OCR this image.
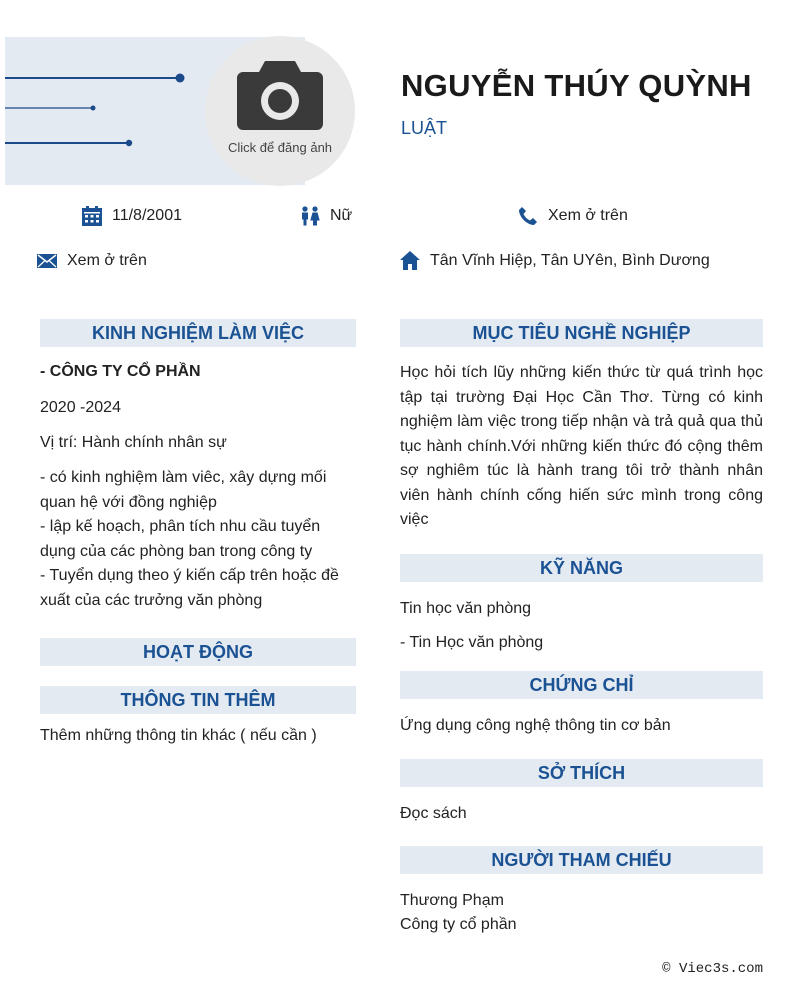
Click để đăng ảnh
NGUYỄN THÚY QUỲNH
LUẬT
11/8/2001	Nữ	Xem ở trên
Xem ở trên	Tân Vĩnh Hiệp, Tân UYên, Bình Dương
KINH NGHIỆM LÀM VIỆC
- CÔNG TY CỔ PHẦN
2020 -2024
Vị trí: Hành chính nhân sự
- có kinh nghiệm làm viêc, xây dựng mối quan hệ với đồng nghiệp
- lập kế hoạch, phân tích nhu cầu tuyển dụng của các phòng ban trong công ty
- Tuyển dụng theo ý kiến cấp trên hoặc đề xuất của các trưởng văn phòng
HOẠT ĐỘNG
THÔNG TIN THÊM
Thêm những thông tin khác ( nếu cần )
MỤC TIÊU NGHỀ NGHIỆP
Học hỏi tích lũy những kiến thức từ quá trình học tập tại trường Đại Học Cần Thơ. Từng có kinh nghiệm làm việc trong tiếp nhận và trả quả qua thủ tục hành chính.Với những kiến thức đó cộng thêm sợ nghiêm túc là hành trang tôi trở thành nhân viên hành chính cống hiến sức mình trong công việc
KỸ NĂNG
Tin học văn phòng
- Tin Học văn phòng
CHỨNG CHỈ
Ứng dụng công nghệ thông tin cơ bản
SỞ THÍCH
Đọc sách
NGƯỜI THAM CHIẾU
Thương Phạm
Công ty cổ phần
© Viec3s.com
